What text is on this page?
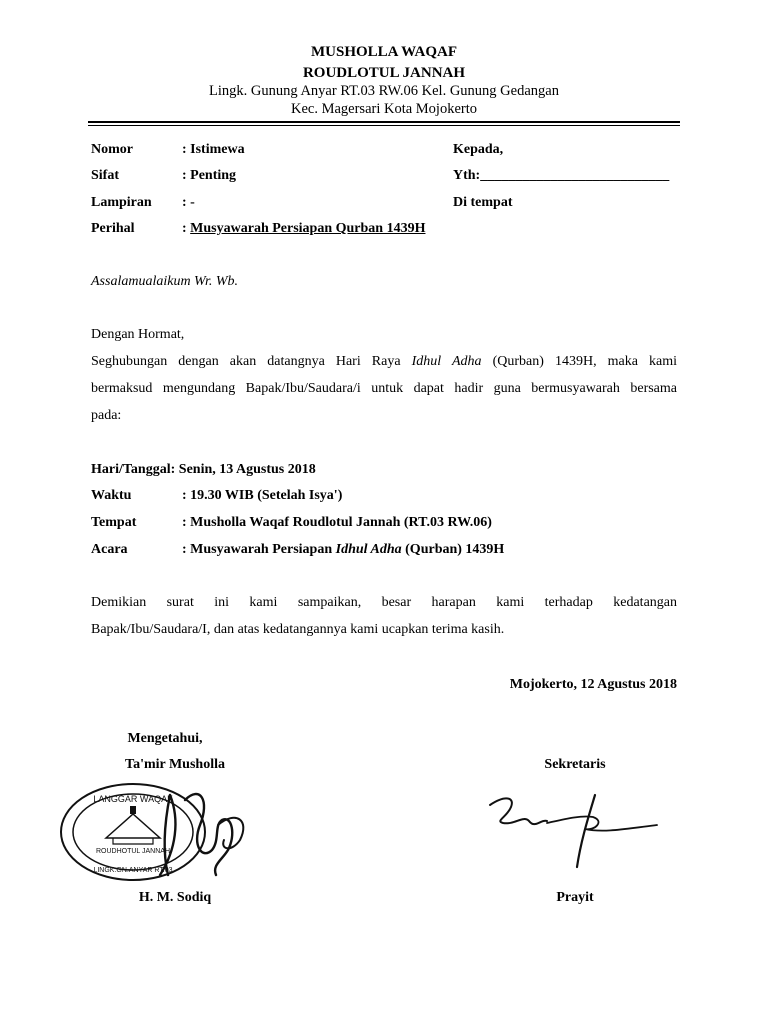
MUSHOLLA WAQAF
ROUDLOTUL JANNAH
Lingk. Gunung Anyar RT.03 RW.06 Kel. Gunung Gedangan
Kec. Magersari Kota Mojokerto
Nomor	: Istimewa
Sifat	: Penting
Lampiran : -
Perihal	: Musyawarah Persiapan Qurban 1439H
Kepada,
Yth:___________________________
Di tempat
Assalamualaikum Wr. Wb.
Dengan Hormat,
Seghubungan dengan akan datangnya Hari Raya Idhul Adha (Qurban) 1439H, maka kami
bermaksud mengundang Bapak/Ibu/Saudara/i untuk dapat hadir guna bermusyawarah bersama
pada:
Hari/Tanggal: Senin, 13 Agustus 2018
Waktu	: 19.30 WIB (Setelah Isya')
Tempat	: Musholla Waqaf Roudlotul Jannah (RT.03 RW.06)
Acara	: Musyawarah Persiapan Idhul Adha (Qurban) 1439H
Demikian surat ini kami sampaikan, besar harapan kami terhadap kedatangan
Bapak/Ibu/Saudara/I, dan atas kedatangannya kami ucapkan terima kasih.
Mojokerto, 12 Agustus 2018
Mengetahui,
Ta'mir Musholla	Sekretaris
LANGGAR WAQAF
ROUDHOTUL JANNAH
LINGK.GN.ANYAR RT.03
H. M. Sodiq	Prayit
